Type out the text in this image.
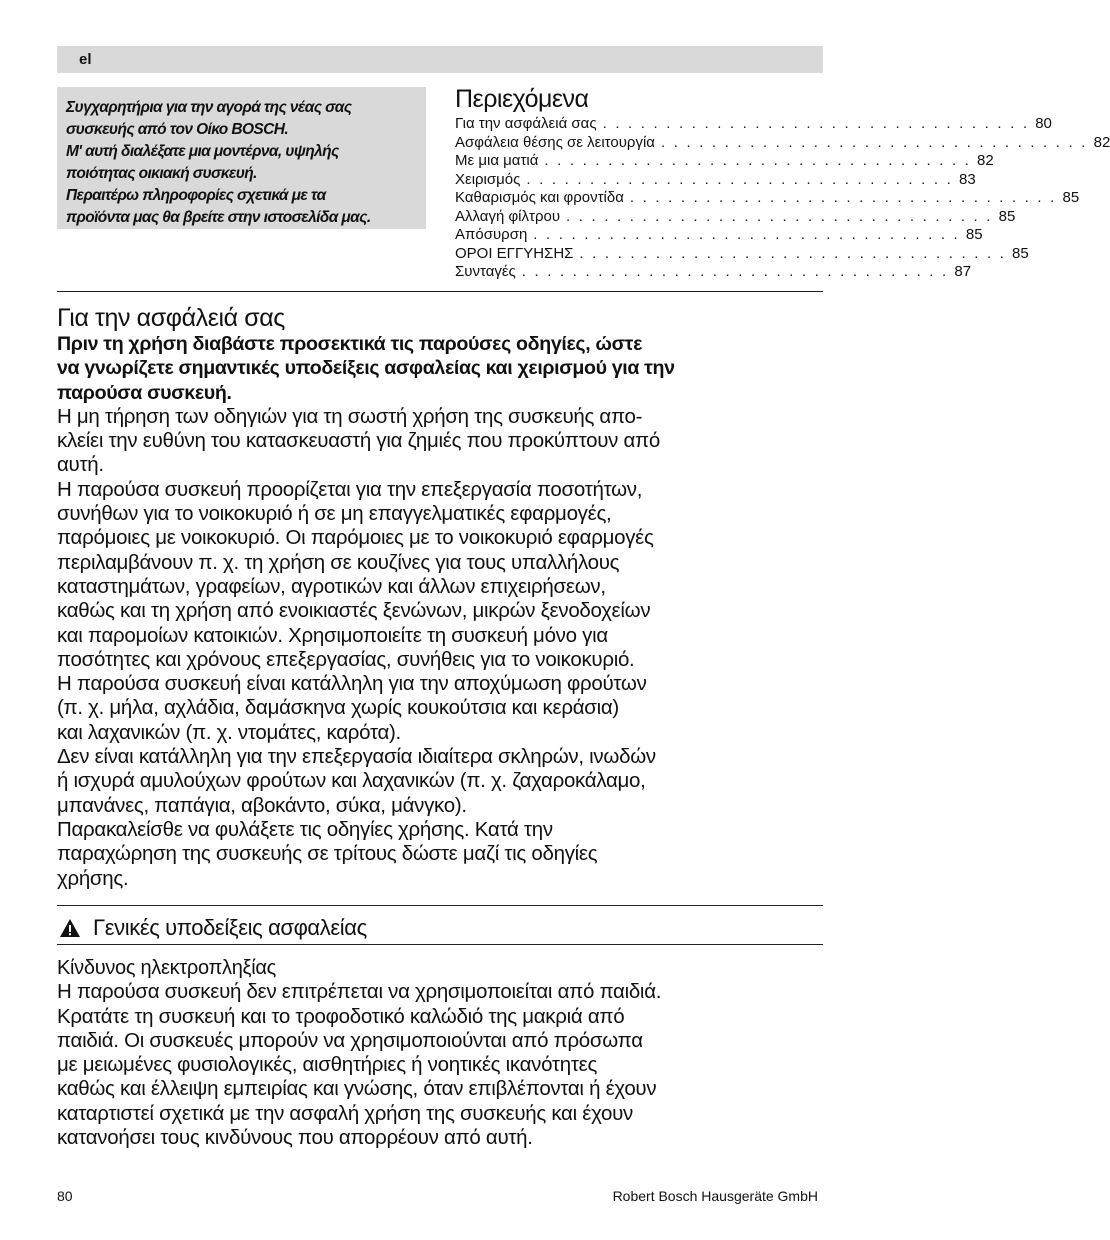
el
Συγχαρητήρια για την αγορά της νέας σας
συσκευής από τον Οίκο BOSCH.
Μ' αυτή διαλέξατε μια μοντέρνα, υψηλής
ποιότητας οικιακή συσκευή.
Περαιτέρω πληροφορίες σχετικά με τα
προϊόντα μας θα βρείτε στην ιστοσελίδα μας.
Περιεχόμενα
Για την ασφάλειά σας . . . . . . . . . . . . . . . . . . . . . . . . . . . . . . . . . . 80
Ασφάλεια θέσης σε λειτουργία . . . . . . . . . . . . . . . . . . . . . . . . . . . . . . . . . . 82
Με μια ματιά . . . . . . . . . . . . . . . . . . . . . . . . . . . . . . . . . . 82
Χειρισμός . . . . . . . . . . . . . . . . . . . . . . . . . . . . . . . . . . 83
Καθαρισμός και φροντίδα . . . . . . . . . . . . . . . . . . . . . . . . . . . . . . . . . . 85
Αλλαγή φίλτρου . . . . . . . . . . . . . . . . . . . . . . . . . . . . . . . . . . 85
Απόσυρση . . . . . . . . . . . . . . . . . . . . . . . . . . . . . . . . . . 85
ΟΡΟΙ ΕΓΓΥΗΣΗΣ . . . . . . . . . . . . . . . . . . . . . . . . . . . . . . . . . . 85
Συνταγές . . . . . . . . . . . . . . . . . . . . . . . . . . . . . . . . . . 87
Για την ασφάλειά σας
Πριν τη χρήση διαβάστε προσεκτικά τις παρούσες οδηγίες, ώστε
να γνωρίζετε σημαντικές υποδείξεις ασφαλείας και χειρισμού για την
παρούσα συσκευή.
Η μη τήρηση των οδηγιών για τη σωστή χρήση της συσκευής απο-
κλείει την ευθύνη του κατασκευαστή για ζημιές που προκύπτουν από
αυτή.
Η παρούσα συσκευή προορίζεται για την επεξεργασία ποσοτήτων,
συνήθων για το νοικοκυριό ή σε μη επαγγελματικές εφαρμογές,
παρόμοιες με νοικοκυριό. Οι παρόμοιες με το νοικοκυριό εφαρμογές
περιλαμβάνουν π. χ. τη χρήση σε κουζίνες για τους υπαλλήλους
καταστημάτων, γραφείων, αγροτικών και άλλων επιχειρήσεων,
καθώς και τη χρήση από ενοικιαστές ξενώνων, μικρών ξενοδοχείων
και παρομοίων κατοικιών. Χρησιμοποιείτε τη συσκευή μόνο για
ποσότητες και χρόνους επεξεργασίας, συνήθεις για το νοικοκυριό.
Η παρούσα συσκευή είναι κατάλληλη για την αποχύμωση φρούτων
(π. χ. μήλα, αχλάδια, δαμάσκηνα χωρίς κουκούτσια και κεράσια)
και λαχανικών (π. χ. ντομάτες, καρότα).
Δεν είναι κατάλληλη για την επεξεργασία ιδιαίτερα σκληρών, ινωδών
ή ισχυρά αμυλούχων φρούτων και λαχανικών (π. χ. ζαχαροκάλαμο,
μπανάνες, παπάγια, αβοκάντο, σύκα, μάνγκο).
Παρακαλείσθε να φυλάξετε τις οδηγίες χρήσης. Κατά την
παραχώρηση της συσκευής σε τρίτους δώστε μαζί τις οδηγίες
χρήσης.
Γενικές υποδείξεις ασφαλείας
Κίνδυνος ηλεκτροπληξίας
Η παρούσα συσκευή δεν επιτρέπεται να χρησιμοποιείται από παιδιά.
Κρατάτε τη συσκευή και το τροφοδοτικό καλώδιό της μακριά από
παιδιά. Οι συσκευές μπορούν να χρησιμοποιούνται από πρόσωπα
με μειωμένες φυσιολογικές, αισθητήριες ή νοητικές ικανότητες
καθώς και έλλειψη εμπειρίας και γνώσης, όταν επιβλέπονται ή έχουν
καταρτιστεί σχετικά με την ασφαλή χρήση της συσκευής και έχουν
κατανοήσει τους κινδύνους που απορρέουν από αυτή.
80	Robert Bosch Hausgeräte GmbH
